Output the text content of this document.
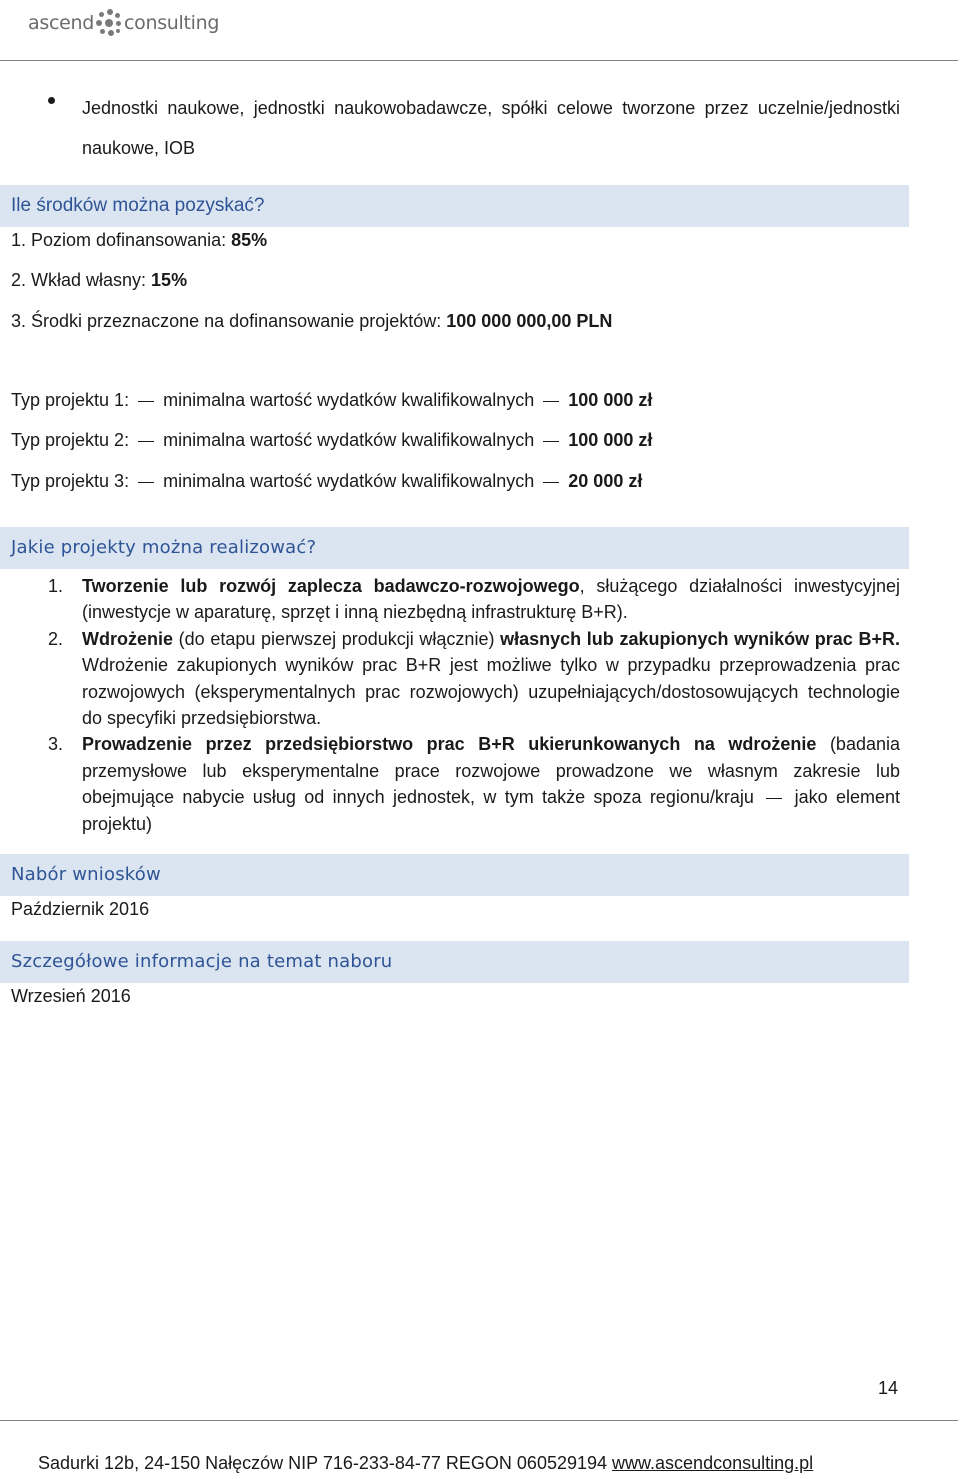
ascend consulting
Jednostki naukowe, jednostki naukowobadawcze, spółki celowe tworzone przez uczelnie/jednostki naukowe, IOB
Ile środków można pozyskać?
1. Poziom dofinansowania: 85%
2. Wkład własny: 15%
3. Środki przeznaczone na dofinansowanie projektów: 100 000 000,00 PLN
Typ projektu 1: minimalna wartość wydatków kwalifikowalnych 100 000 zł
Typ projektu 2: minimalna wartość wydatków kwalifikowalnych 100 000 zł
Typ projektu 3: minimalna wartość wydatków kwalifikowalnych 20 000 zł
Jakie projekty można realizować?
1. Tworzenie lub rozwój zaplecza badawczo-rozwojowego, służącego działalności inwestycyjnej (inwestycje w aparaturę, sprzęt i inną niezbędną infrastrukturę B+R).
2. Wdrożenie (do etapu pierwszej produkcji włącznie) własnych lub zakupionych wyników prac B+R. Wdrożenie zakupionych wyników prac B+R jest możliwe tylko w przypadku przeprowadzenia prac rozwojowych (eksperymentalnych prac rozwojowych) uzupełniających/dostosowujących technologie do specyfiki przedsiębiorstwa.
3. Prowadzenie przez przedsiębiorstwo prac B+R ukierunkowanych na wdrożenie (badania przemysłowe lub eksperymentalne prace rozwojowe prowadzone we własnym zakresie lub obejmujące nabycie usług od innych jednostek, w tym także spoza regionu/kraju  jako element projektu)
Nabór wniosków
Październik 2016
Szczegółowe informacje na temat naboru
Wrzesień 2016
14
Sadurki 12b, 24-150 Nałęczów NIP 716-233-84-77 REGON 060529194 www.ascendconsulting.pl
